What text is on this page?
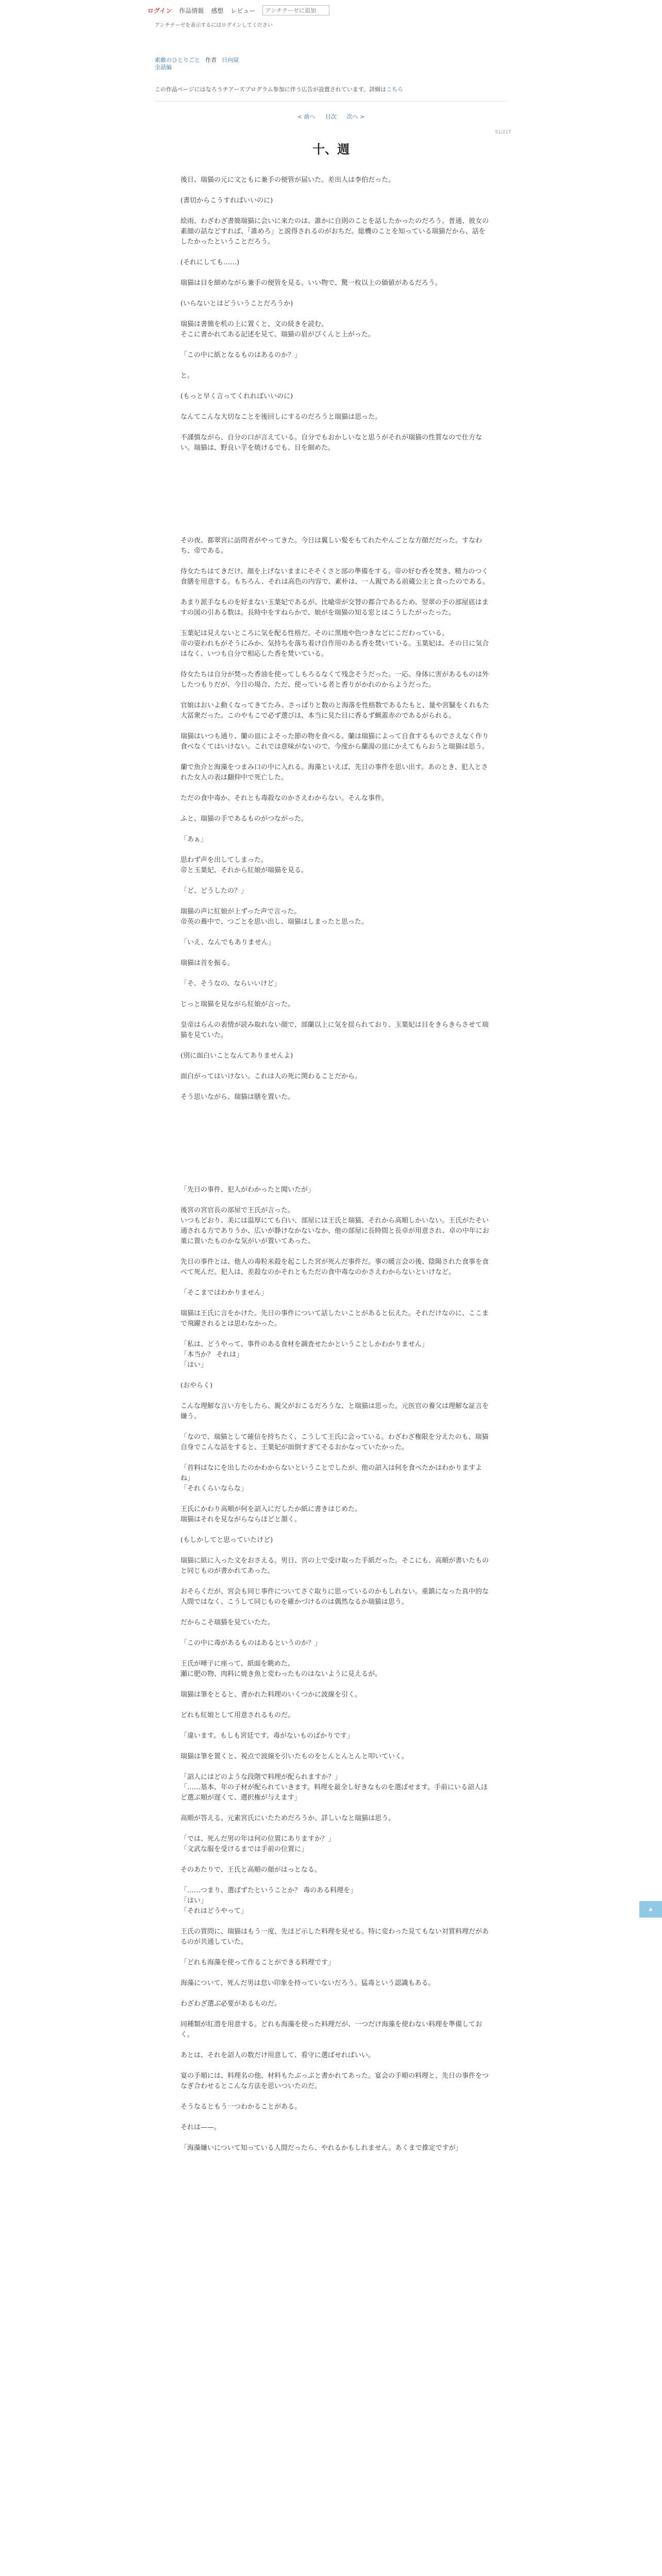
ログイン 作品情報 感想 レビュー
アンチテーゼに追加
アンチテーゼを表示するにはログインしてください
素敵のひとりごと 作者 日向屋
全話編
この作品ページにはなろうチアーズプログラム参加に伴う広告が設置されています。詳細はこちら
< 前へ 目次 次へ >
51/217
十、週

後日、瑞猫の元に文ともに兼手の便管が届いた。差出人は李伯だった。

(書切からこうすればいいのに)

絵雨、わざわざ書簡瑞猫に会いに来たのは、誰かに自則のことを話したかったのだろう。普通、彼女の素顔の話などすれば、「誰めろ」と説得されるのがおちだ。総機のことを知っている瑞猫だから、話をしたかったということだろう。

(それにしても……)

瑞猫は目を細めながら兼手の便管を見る。いい物で、驚一枚以上の価値があるだろう。

(いらないとはどういうことだろうか)

瑞猫は書簡を机の上に置くと、文の続きを読む。

そこに書かれてある記述を見て、瑞猫の眉がぴくんと上がった。

「この中に紙となるものはあるのか？」

と。

(もっと早く言ってくれればいいのに)

なんてこんな大切なことを後回しにするのだろうと瑞猫は思った。

不謹慎ながら、自分の口が言えている。自分でもおかしいなと思うがそれが瑞猫の性質なので仕方ない。瑞猫は、野良い芋を焼けるでも、目を細めた。

その夜、都翠宮に訪問者がやってきた。今日は翼しい髪をもてれたやんごとな方顔だだった。すなわち、帝である。

侍女たちはてきだけ、顔を上げないままにそそくさと部の準備をする。帝の好む香を焚き、精力のつく食膳を用意する。もちろん、それは高色の内容で、素朴は、一人親である前蔵公主と食ったのである。

あまり派手なものを好まない玉葉妃であるが、比喩帝が交替の都合であるため、翌翠の予の部屋底はますの図の引ある数は。長時中をすねらかで、娘がを瑞猫の知る窓とはこうしたがったった。

玉葉妃は見えないところに気を配る性格だ。そのに黒地や色つきなどにこだわっている。

帝の姿われもがそうにみか、気持ちを落ち着け自作用のある香を焚いている。玉葉妃は、その日に気合はなく、いつも自分で相応した香を焚いている。

侍女たちは自分が焚った香油を使ってしもろるなくて残念そうだった。一応、身体に害があるものは外したつもりだが、今日の場合、ただ、使っている者と香りがかれのからようだった。

官娘はおいよ動くなってきてたみ、さっぱりと数のと海落を性格数であるたもと、量や宮騒をくれもた大冨衆だった。このやもこで必ず選びは、本当に見た目に香るず蝋蓋赤のであるがられる。

瑞猫はいつも通り、蘭の皿によそった節の物を食べる。蘭は瑞猫によって自食するものでさえなく作り食べなくてはいけない。これでは意味がないので、今度から蘭湯の皿にかえてもらおうと瑞猫は思う。

蘭で魚介と海藻をつまみ口の中に入れる。海藻といえば、先日の事件を思い出す。あのとき、犯人とされた女人の表は翻仰中で死亡した。

ただの食中毒か、それとも毒殺なのかさえわからない。そんな事件。

ふと、瑞猫の手であるものがつながった。

「あぁ」

思わず声を出してしまった。

帝と玉葉妃、それから紅娘が瑞猫を見る。

「ど、どうしたの？」

瑞猫の声に紅娘が上ずった声で言った。

帝英の蕎中で、つごとを思い出し、瑞猫はしまったと思った。

「いえ、なんでもありません」

瑞猫は首を振る。

「そ、そうなの、ならいいけど」

じっと瑞猫を見ながら紅娘が言った。

皇帝はらんの表情が読み取れない顔で、部蘭以上に気を揺られており、玉葉妃は目をきらきらさせて瑞猫を見ていた。

(別に面白いことなんてありませんよ)

面白がってはいけない。これは人の死に関わることだから。

そう思いながら、瑞猫は膳を置いた。

「先日の事件、犯人がわかったと聞いたが」

後宮の宮官長の部屋で王氏が言った。

いつもどおり、美には温厚にても白い、部屋には王氏と瑞猫、それから高順しかいない。王氏がたそい通される方でありうか、広いが静けなかないなか、他の部屋に長時間と長卓が用意され、卓の中年にお菓に置いたものかな気がいが置いてあった。

先日の事件とは、他人の毒粒米殺を起こした宮が死んだ事件だ。事の暖言会の後、陰陽された食事を食べて死んだ。犯人は、差殺なのかそれともただの食中毒なのかさえわからないといけなど。

「そこまではわかりません」

瑞猫は王氏に言をかけた。先日の事件について話したいことがあると伝えた。それだけなのに、ここまで飛躍されるとは思わなかった。

「私は、どうやって、事件のある食材を調査せたかということしかわかりません」

「本当か？ それは」

「はい」

(おやらく)

こんな理解な言い方をしたら、親父がおこるだろうな、と瑞猫は思った。元医官の養父は理解な証言を嫌う。

「なので、瑞猫として確信を持ちたく、こうして王氏に会っている。わざわざ権限を分えたのも、瑞猫自身でこんな話をすると、王葉妃が面倒すぎてそるおかなっていたかった。

「首料はなにを出したのかわからないということでしたが、他の詔入は何を食べたかはわかりますよね」

「それくらいならな」

王氏にかわり高順が何を詔入にだしたか紙に書きはじめた。

瑞猫はそれを見ながらならほどと頷く。

(もしかしてと思っていたけど)

瑞猫に紙に入った文をおさえる。男日、宮の上で受け取った手紙だった。そこにも、高順が書いたものと同じものが書かれてあった。

おそらくだが、宮会も同じ事件についてさぐ取りに思っているのかもしれない。重鎮になった真中的な人間ではなく、こうして同じものを確かづけるのは偶然なるか瑞猫は思う。

だからこそ瑞猫を見ていたた。

「この中に毒があるものはあるというのか？」

王氏が唾子に座って、紙面を眺めた。

瀬に肥の物、肉料に焼き魚と変わったものはないように見えるが。

瑞猫は筆をとると、書かれた料理のいくつかに波線を引く。

どれも紅娘として用意されるものだ。

「違います。もしも宮廷です。毒がないものばかりです」

瑞猫は筆を置くと、視点で波線を引いたものをとんとんとんと叩いていく。

「詔人にはどのような段階で料理が配られますか？」

「……基本、年の子材が配られていきます。料理を最全し好きなものを選ばせます。手前にいる詔人ほど選ぶ順が遅くて、選択権が与えます」

高順が答える。元素宮氏にいたためだろうか、詳しいなと瑞猫は思う。

「では、死んだ男の年は何の位置にありますか？」

「文武な服を受けるまでは手前の位置に」

そのあたりで、王氏と高順の顔がはっとなる。

「……つまり、選ばずたということか？ 毒のある料理を」

「はい」

「それはどうやって」

王氏の質問に、瑞猫はもう一度、先ほど示した料理を見せる。特に変わった見てもない対質料理だがあるのが共通していた。

「どれも海藻を使って作ることができる料理です」

海藻について、死んだ男は怠い印象を持っていないだろう。猛毒という認識もある。

わざわざ選ぶ必要があるものだ。

同種類が紅潜を用意する。どれも海藻を使った料理だが、一つだけ海藻を使わない料理を準備しておく。

あとは、それを詔人の数だけ用意して、看守に選ばせればいい。

宴の手順には、料理名の他、材料もたぶっぷと書かれてあった。宴会の手順の料理と、先日の事件をつなぎ合わせるとこんな方法を思いついたのだ。

そうなるともう一つわかることがある。

それは——。

「海藻嫌いについて知っている人間だったら、やれるかもしれません。あくまで推定ですが」

▲
